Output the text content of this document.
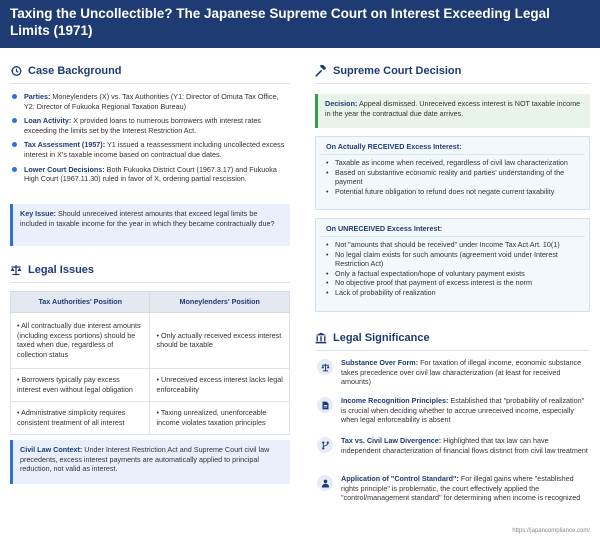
Taxing the Uncollectible? The Japanese Supreme Court on Interest Exceeding Legal Limits (1971)
Case Background
Parties: Moneylenders (X) vs. Tax Authorities (Y1: Director of Omuta Tax Office, Y2: Director of Fukuoka Regional Taxation Bureau)
Loan Activity: X provided loans to numerous borrowers with interest rates exceeding the limits set by the Interest Restriction Act.
Tax Assessment (1957): Y1 issued a reassessment including uncollected excess interest in X's taxable income based on contractual due dates.
Lower Court Decisions: Both Fukuoka District Court (1967.3.17) and Fukuoka High Court (1967.11.30) ruled in favor of X, ordering partial rescission.
Key Issue: Should unreceived interest amounts that exceed legal limits be included in taxable income for the year in which they became contractually due?
Legal Issues
Tax Authorities' Position	Moneylenders' Position
• All contractually due interest amounts (including excess portions) should be taxed when due, regardless of collection status	• Only actually received excess interest should be taxable
• Borrowers typically pay excess interest even without legal obligation	• Unreceived excess interest lacks legal enforceability
• Administrative simplicity requires consistent treatment of all interest	• Taxing unrealized, unenforceable income violates taxation principles
Civil Law Context: Under Interest Restriction Act and Supreme Court civil law precedents, excess interest payments are automatically applied to principal reduction, not valid as interest.
Supreme Court Decision
Decision: Appeal dismissed. Unreceived excess interest is NOT taxable income in the year the contractual due date arrives.
On Actually RECEIVED Excess Interest:
• Taxable as income when received, regardless of civil law characterization
• Based on substantive economic reality and parties' understanding of the payment
• Potential future obligation to refund does not negate current taxability
On UNRECEIVED Excess Interest:
• Not "amounts that should be received" under Income Tax Act Art. 10(1)
• No legal claim exists for such amounts (agreement void under Interest Restriction Act)
• Only a factual expectation/hope of voluntary payment exists
• No objective proof that payment of excess interest is the norm
• Lack of probability of realization
Legal Significance
Substance Over Form: For taxation of illegal income, economic substance takes precedence over civil law characterization (at least for received amounts)
Income Recognition Principles: Established that "probability of realization" is crucial when deciding whether to accrue unreceived income, especially when legal enforceability is absent
Tax vs. Civil Law Divergence: Highlighted that tax law can have independent characterization of financial flows distinct from civil law treatment
Application of "Control Standard": For illegal gains where "established rights principle" is problematic, the court effectively applied the "control/management standard" for determining when income is recognized
https://japancompliance.com/
